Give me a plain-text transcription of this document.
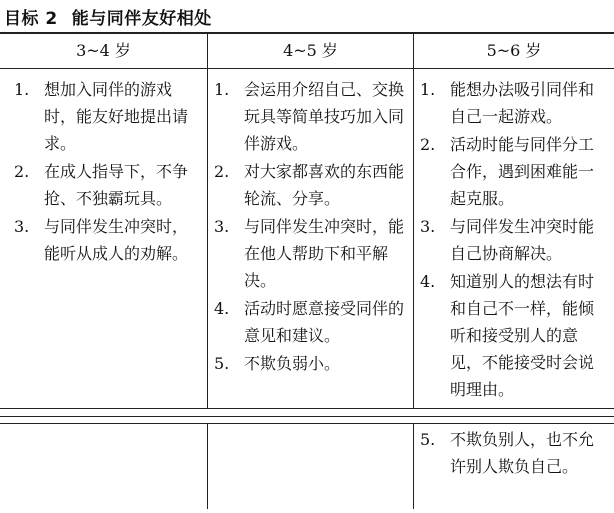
目标 2 能与同伴友好相处
3~4 岁	4~5 岁	5~6 岁
1. 想加入同伴的游戏时，能友好地提出请求。
2. 在成人指导下，不争抢、不独霸玩具。
3. 与同伴发生冲突时，能听从成人的劝解。
1. 会运用介绍自己、交换玩具等简单技巧加入同伴游戏。
2. 对大家都喜欢的东西能轮流、分享。
3. 与同伴发生冲突时，能在他人帮助下和平解决。
4. 活动时愿意接受同伴的意见和建议。
5. 不欺负弱小。
1. 能想办法吸引同伴和自己一起游戏。
2. 活动时能与同伴分工合作，遇到困难能一起克服。
3. 与同伴发生冲突时能自己协商解决。
4. 知道别人的想法有时和自己不一样，能倾听和接受别人的意见，不能接受时会说明理由。
5. 不欺负别人，也不允许别人欺负自己。
